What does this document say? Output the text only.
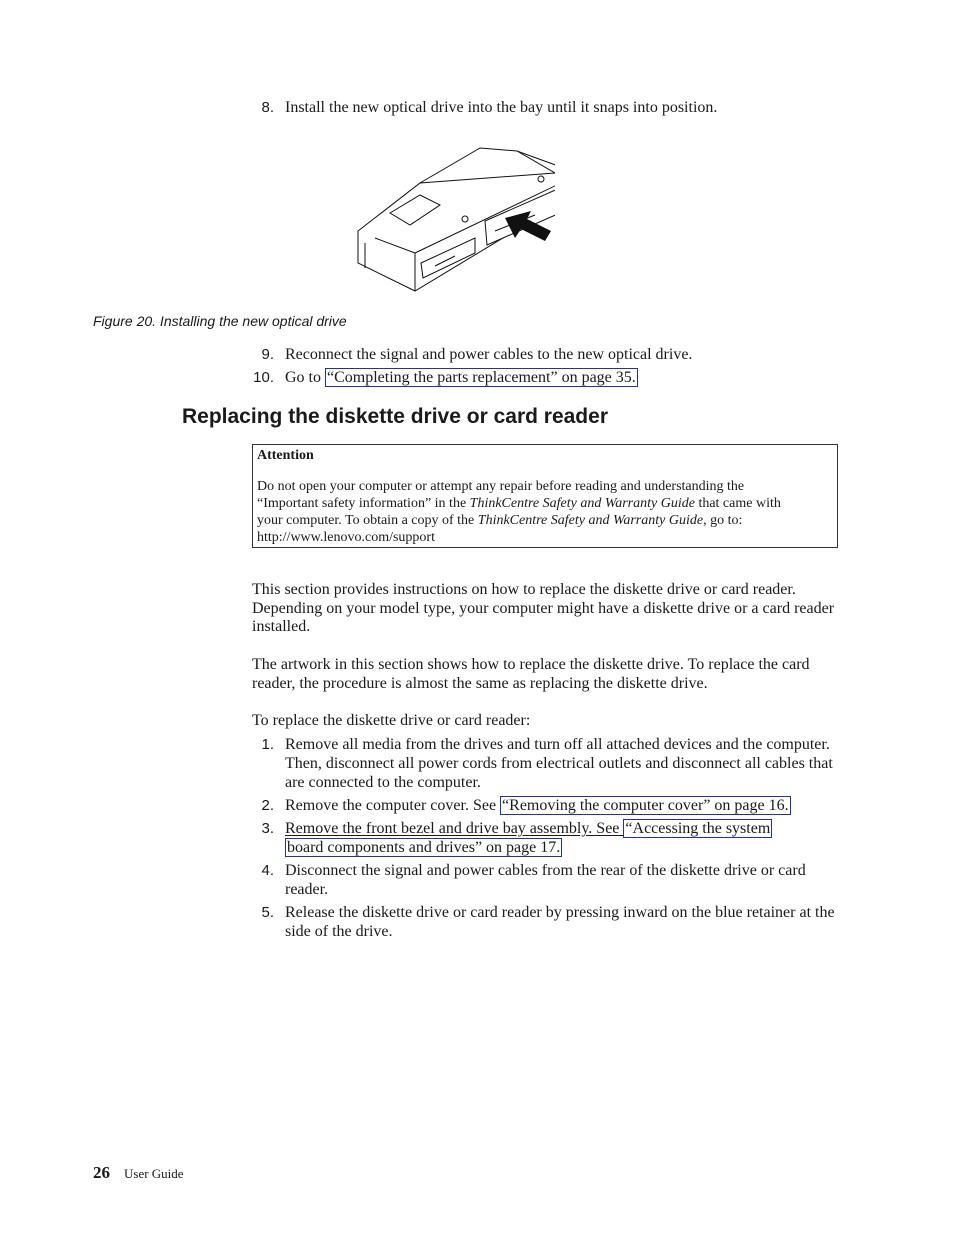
8. Install the new optical drive into the bay until it snaps into position.
Figure 20. Installing the new optical drive
9. Reconnect the signal and power cables to the new optical drive.
10. Go to “Completing the parts replacement” on page 35.
Replacing the diskette drive or card reader
Attention
Do not open your computer or attempt any repair before reading and understanding the
“Important safety information” in the ThinkCentre Safety and Warranty Guide that came with
your computer. To obtain a copy of the ThinkCentre Safety and Warranty Guide, go to:
http://www.lenovo.com/support
This section provides instructions on how to replace the diskette drive or card reader. Depending on your model type, your computer might have a diskette drive or a card reader installed.
The artwork in this section shows how to replace the diskette drive. To replace the card reader, the procedure is almost the same as replacing the diskette drive.
To replace the diskette drive or card reader:
1. Remove all media from the drives and turn off all attached devices and the computer. Then, disconnect all power cords from electrical outlets and disconnect all cables that are connected to the computer.
2. Remove the computer cover. See “Removing the computer cover” on page 16.
3. Remove the front bezel and drive bay assembly. See “Accessing the system
board components and drives” on page 17.
4. Disconnect the signal and power cables from the rear of the diskette drive or card reader.
5. Release the diskette drive or card reader by pressing inward on the blue retainer at the side of the drive.
26 User Guide
